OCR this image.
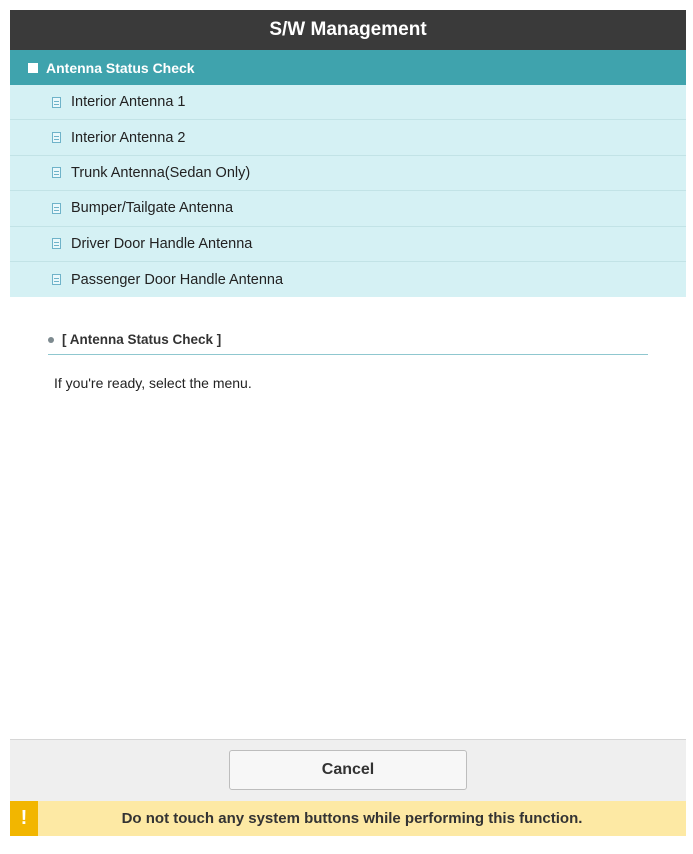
S/W Management
Antenna Status Check
Interior Antenna 1
Interior Antenna 2
Trunk Antenna(Sedan Only)
Bumper/Tailgate Antenna
Driver Door Handle Antenna
Passenger Door Handle Antenna
[ Antenna Status Check ]
If you're ready, select the menu.
Cancel
!	Do not touch any system buttons while performing this function.
